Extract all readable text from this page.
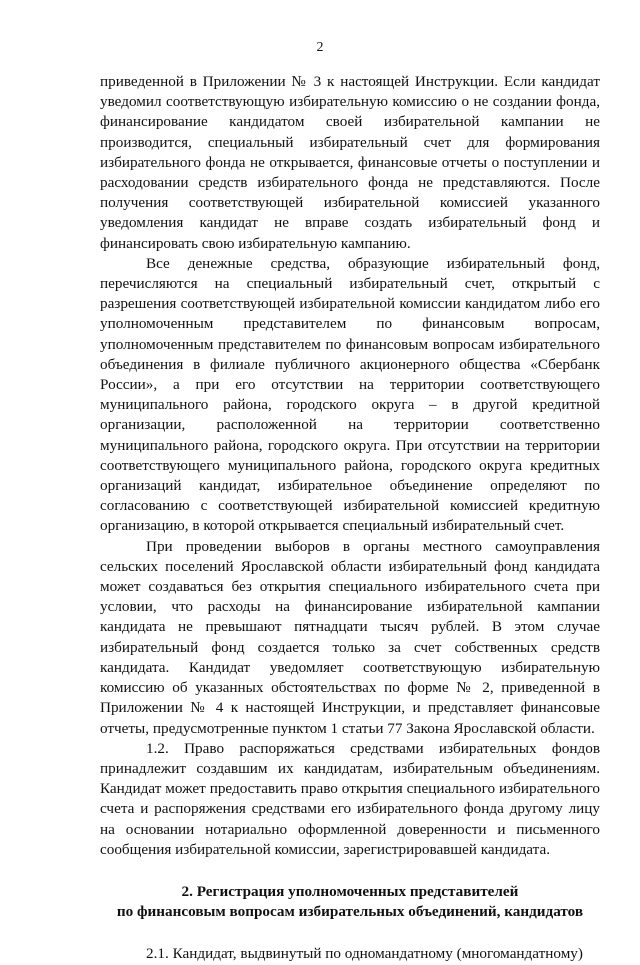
2

приведенной в Приложении № 3 к настоящей Инструкции. Если кандидат уведомил соответствующую избирательную комиссию о не создании фонда, финансирование кандидатом своей избирательной кампании не производится, специальный избирательный счет для формирования избирательного фонда не открывается, финансовые отчеты о поступлении и расходовании средств избирательного фонда не представляются. После получения соответствующей избирательной комиссией указанного уведомления кандидат не вправе создать избирательный фонд и финансировать свою избирательную кампанию.

Все денежные средства, образующие избирательный фонд, перечисляются на специальный избирательный счет, открытый с разрешения соответствующей избирательной комиссии кандидатом либо его уполномоченным представителем по финансовым вопросам, уполномоченным представителем по финансовым вопросам избирательного объединения в филиале публичного акционерного общества «Сбербанк России», а при его отсутствии на территории соответствующего муниципального района, городского округа – в другой кредитной организации, расположенной на территории соответственно муниципального района, городского округа. При отсутствии на территории соответствующего муниципального района, городского округа кредитных организаций кандидат, избирательное объединение определяют по согласованию с соответствующей избирательной комиссией кредитную организацию, в которой открывается специальный избирательный счет.

При проведении выборов в органы местного самоуправления сельских поселений Ярославской области избирательный фонд кандидата может создаваться без открытия специального избирательного счета при условии, что расходы на финансирование избирательной кампании кандидата не превышают пятнадцати тысяч рублей. В этом случае избирательный фонд создается только за счет собственных средств кандидата. Кандидат уведомляет соответствующую избирательную комиссию об указанных обстоятельствах по форме № 2, приведенной в Приложении № 4 к настоящей Инструкции, и представляет финансовые отчеты, предусмотренные пунктом 1 статьи 77 Закона Ярославской области.

1.2. Право распоряжаться средствами избирательных фондов принадлежит создавшим их кандидатам, избирательным объединениям. Кандидат может предоставить право открытия специального избирательного счета и распоряжения средствами его избирательного фонда другому лицу на основании нотариально оформленной доверенности и письменного сообщения избирательной комиссии, зарегистрировавшей кандидата.

2. Регистрация уполномоченных представителей

по финансовым вопросам избирательных объединений, кандидатов

2.1. Кандидат, выдвинутый по одномандатному (многомандатному)
